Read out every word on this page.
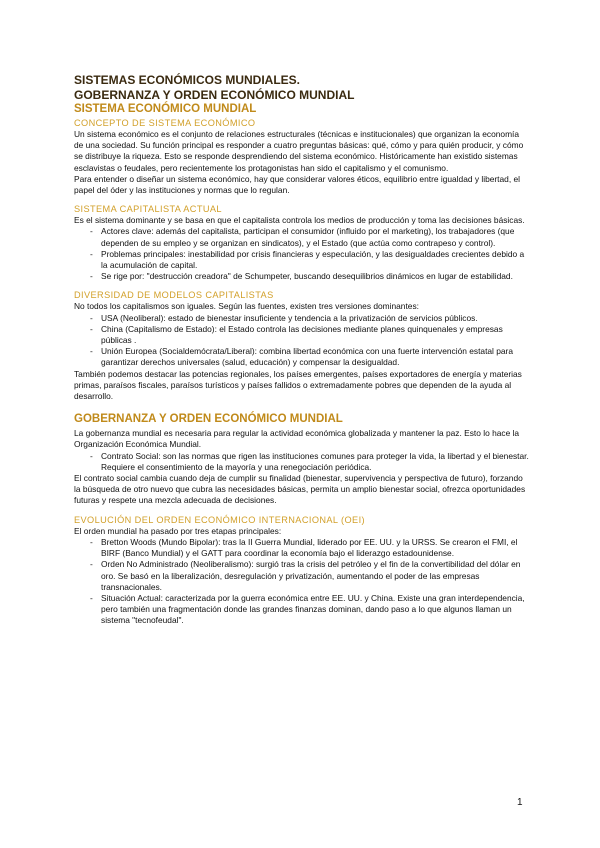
SISTEMAS ECONÓMICOS MUNDIALES.
GOBERNANZA Y ORDEN ECONÓMICO MUNDIAL
SISTEMA ECONÓMICO MUNDIAL
CONCEPTO DE SISTEMA ECONÓMICO

Un sistema económico es el conjunto de relaciones estructurales (técnicas e institucionales) que organizan la economía de una sociedad. Su función principal es responder a cuatro preguntas básicas: qué, cómo y para quién producir, y cómo se distribuye la riqueza. Esto se responde desprendiendo del sistema económico. Históricamente han existido sistemas esclavistas o feudales, pero recientemente los protagonistas han sido el capitalismo y el comunismo.

Para entender o diseñar un sistema económico, hay que considerar valores éticos, equilibrio entre igualdad y libertad, el papel del óder y las instituciones y normas que lo regulan.

SISTEMA CAPITALISTA ACTUAL

Es el sistema dominante y se basa en que el capitalista controla los medios de producción y toma las decisiones básicas.

- Actores clave: además del capitalista, participan el consumidor (influido por el marketing), los trabajadores (que dependen de su empleo y se organizan en sindicatos), y el Estado (que actúa como contrapeso y control).
- Problemas principales: inestabilidad por crisis financieras y especulación, y las desigualdades crecientes debido a la acumulación de capital.
- Se rige por: "destrucción creadora" de Schumpeter, buscando desequilibrios dinámicos en lugar de estabilidad.
DIVERSIDAD DE MODELOS CAPITALISTAS

No todos los capitalismos son iguales. Según las fuentes, existen tres versiones dominantes:

- USA (Neoliberal): estado de bienestar insuficiente y tendencia a la privatización de servicios públicos.
- China (Capitalismo de Estado): el Estado controla las decisiones mediante planes quinquenales y empresas públicas .
- Unión Europea (Socialdemócrata/Liberal): combina libertad económica con una fuerte intervención estatal para garantizar derechos universales (salud, educación) y compensar la desigualdad.

También podemos destacar las potencias regionales, los países emergentes, países exportadores de energía y materias primas, paraísos fiscales, paraísos turísticos y países fallidos o extremadamente pobres que dependen de la ayuda al desarrollo.

GOBERNANZA Y ORDEN ECONÓMICO MUNDIAL

La gobernanza mundial es necesaria para regular la actividad económica globalizada y mantener la paz. Esto lo hace la Organización Económica Mundial.

- Contrato Social: son las normas que rigen las instituciones comunes para proteger la vida, la libertad y el bienestar. Requiere el consentimiento de la mayoría y una renegociación periódica.

El contrato social cambia cuando deja de cumplir su finalidad (bienestar, supervivencia y perspectiva de futuro), forzando la búsqueda de otro nuevo que cubra las necesidades básicas, permita un amplio bienestar social, ofrezca oportunidades futuras y respete una mezcla adecuada de decisiones.

EVOLUCIÓN DEL ORDEN ECONÓMICO INTERNACIONAL (OEI)

El orden mundial ha pasado por tres etapas principales:

- Bretton Woods (Mundo Bipolar): tras la II Guerra Mundial, liderado por EE. UU. y la URSS. Se crearon el FMI, el BIRF (Banco Mundial) y el GATT para coordinar la economía bajo el liderazgo estadounidense.
- Orden No Administrado (Neoliberalismo): surgió tras la crisis del petróleo y el fin de la convertibilidad del dólar en oro. Se basó en la liberalización, desregulación y privatización, aumentando el poder de las empresas transnacionales.
- Situación Actual: caracterizada por la guerra económica entre EE. UU. y China. Existe una gran interdependencia, pero también una fragmentación donde las grandes finanzas dominan, dando paso a lo que algunos llaman un sistema "tecnofeudal".
1
